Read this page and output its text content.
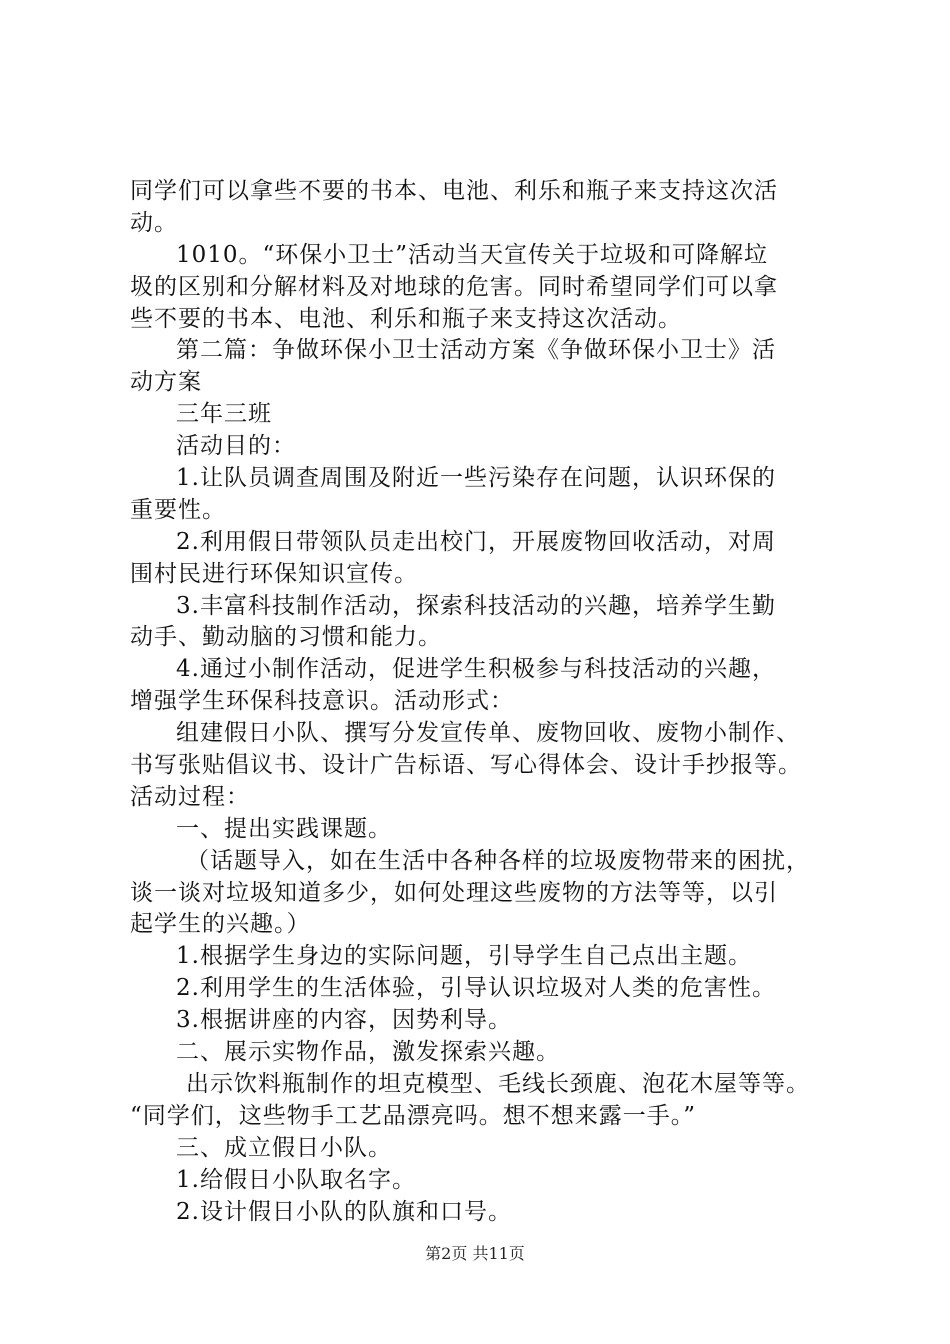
同学们可以拿些不要的书本、电池、利乐和瓶子来支持这次活
动。
1010。“环保小卫士”活动当天宣传关于垃圾和可降解垃
圾的区别和分解材料及对地球的危害。同时希望同学们可以拿
些不要的书本、电池、利乐和瓶子来支持这次活动。
第二篇：争做环保小卫士活动方案《争做环保小卫士》活
动方案
三年三班
活动目的：
1.让队员调查周围及附近一些污染存在问题，认识环保的
重要性。
2.利用假日带领队员走出校门，开展废物回收活动，对周
围村民进行环保知识宣传。
3.丰富科技制作活动，探索科技活动的兴趣，培养学生勤
动手、勤动脑的习惯和能力。
4.通过小制作活动，促进学生积极参与科技活动的兴趣，
增强学生环保科技意识。活动形式：
组建假日小队、撰写分发宣传单、废物回收、废物小制作、
书写张贴倡议书、设计广告标语、写心得体会、设计手抄报等。
活动过程：
一、提出实践课题。
（话题导入，如在生活中各种各样的垃圾废物带来的困扰，
谈一谈对垃圾知道多少，如何处理这些废物的方法等等，以引
起学生的兴趣。）
1.根据学生身边的实际问题，引导学生自己点出主题。
2.利用学生的生活体验，引导认识垃圾对人类的危害性。
3.根据讲座的内容，因势利导。
二、展示实物作品，激发探索兴趣。
出示饮料瓶制作的坦克模型、毛线长颈鹿、泡花木屋等等。
“同学们，这些物手工艺品漂亮吗。想不想来露一手。”
三、成立假日小队。
1.给假日小队取名字。
2.设计假日小队的队旗和口号。
第2页 共11页
